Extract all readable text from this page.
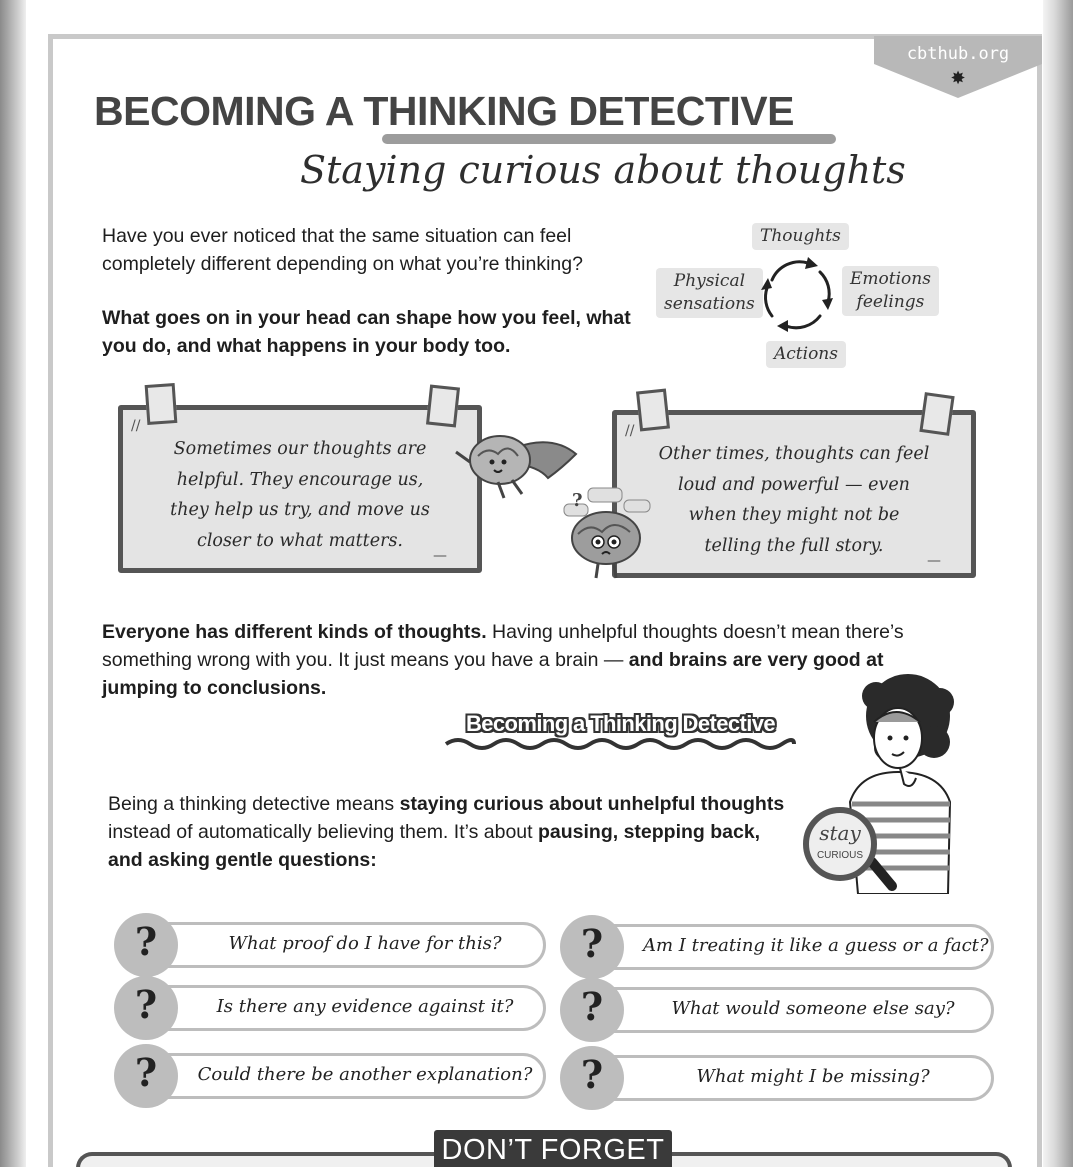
cbthub.org
✸
BECOMING A THINKING DETECTIVE
Staying curious about thoughts
Have you ever noticed that the same situation can feel completely different depending on what you’re thinking?
What goes on in your head can shape how you feel, what you do, and what happens in your body too.
Thoughts
Emotions
feelings
Actions
Physical
sensations
//
Sometimes our thoughts are
helpful. They encourage us,
they help us try, and move us
closer to what matters.
—
//
Other times, thoughts can feel
loud and powerful — even
when they might not be
telling the full story.
—
?
Everyone has different kinds of thoughts. Having unhelpful thoughts doesn’t mean there’s something wrong with you. It just means you have a brain — and brains are very good at jumping to conclusions.
Becoming a Thinking Detective
Being a thinking detective means staying curious about unhelpful thoughts instead of automatically believing them. It’s about pausing, stepping back, and asking gentle questions:
stay
CURIOUS
What proof do I have for this?
?
Is there any evidence against it?
?
Could there be another explanation?
?
Am I treating it like a guess or a fact?
?
What would someone else say?
?
What might I be missing?
?
DON’T FORGET
